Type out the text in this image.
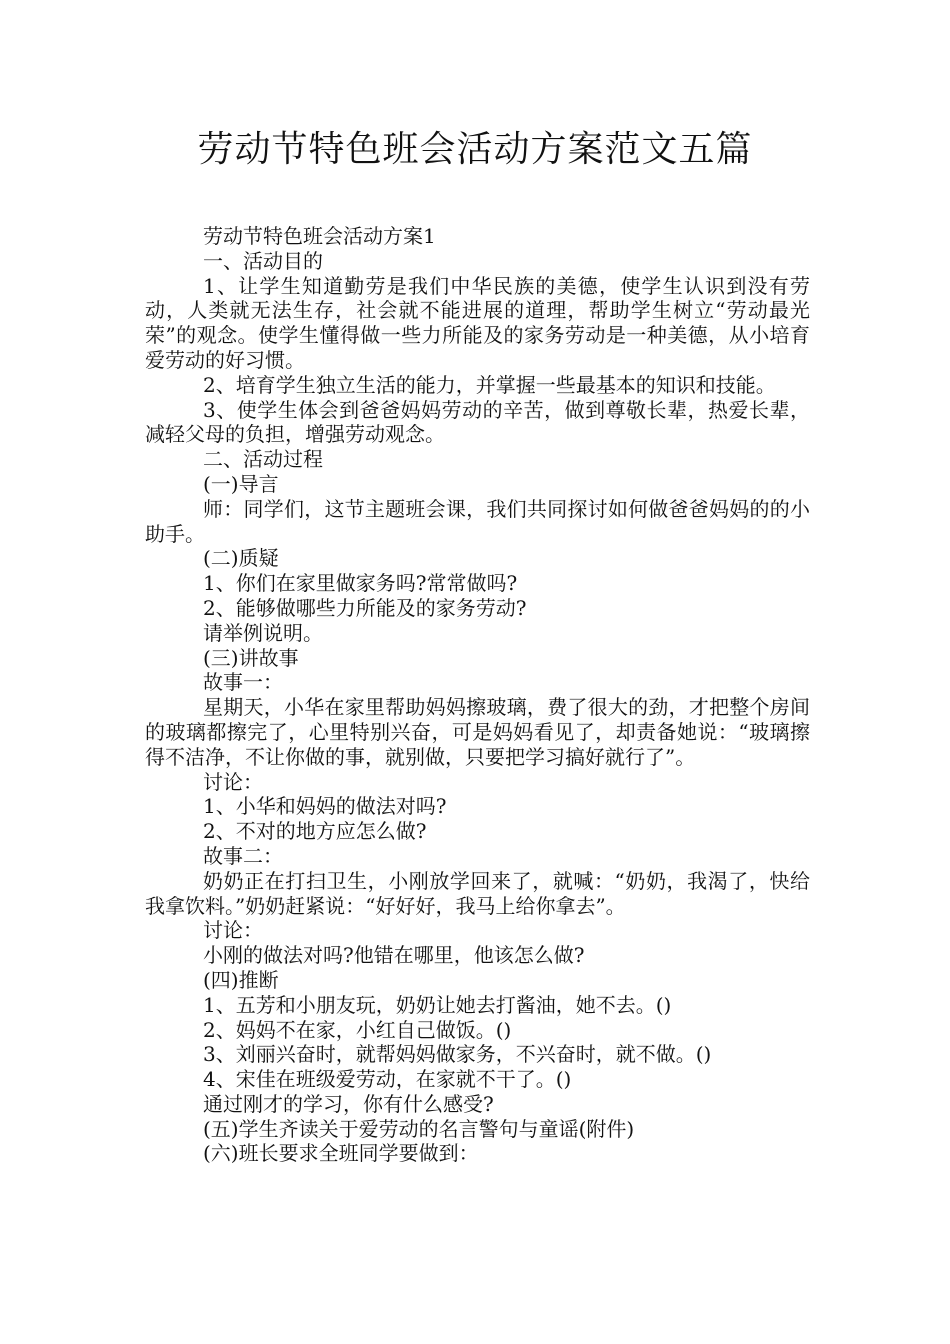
劳动节特色班会活动方案范文五篇

劳动节特色班会活动方案1

一、活动目的

1、让学生知道勤劳是我们中华民族的美德，使学生认识到没有劳动，人类就无法生存，社会就不能进展的道理，帮助学生树立“劳动最光荣”的观念。使学生懂得做一些力所能及的家务劳动是一种美德，从小培育爱劳动的好习惯。

2、培育学生独立生活的能力，并掌握一些最基本的知识和技能。

3、使学生体会到爸爸妈妈劳动的辛苦，做到尊敬长辈，热爱长辈，减轻父母的负担，增强劳动观念。

二、活动过程

(一)导言

师：同学们，这节主题班会课，我们共同探讨如何做爸爸妈妈的的小助手。

(二)质疑

1、你们在家里做家务吗?常常做吗?

2、能够做哪些力所能及的家务劳动?

请举例说明。

(三)讲故事

故事一：

星期天，小华在家里帮助妈妈擦玻璃，费了很大的劲，才把整个房间的玻璃都擦完了，心里特别兴奋，可是妈妈看见了，却责备她说：“玻璃擦得不洁净，不让你做的事，就别做，只要把学习搞好就行了”。

讨论：

1、小华和妈妈的做法对吗?

2、不对的地方应怎么做?

故事二：

奶奶正在打扫卫生，小刚放学回来了，就喊：“奶奶，我渴了，快给我拿饮料。”奶奶赶紧说：“好好好，我马上给你拿去”。

讨论：

小刚的做法对吗?他错在哪里，他该怎么做?

(四)推断

1、五芳和小朋友玩，奶奶让她去打酱油，她不去。()

2、妈妈不在家，小红自己做饭。()

3、刘丽兴奋时，就帮妈妈做家务，不兴奋时，就不做。()

4、宋佳在班级爱劳动，在家就不干了。()

通过刚才的学习，你有什么感受?

(五)学生齐读关于爱劳动的名言警句与童谣(附件)

(六)班长要求全班同学要做到：
